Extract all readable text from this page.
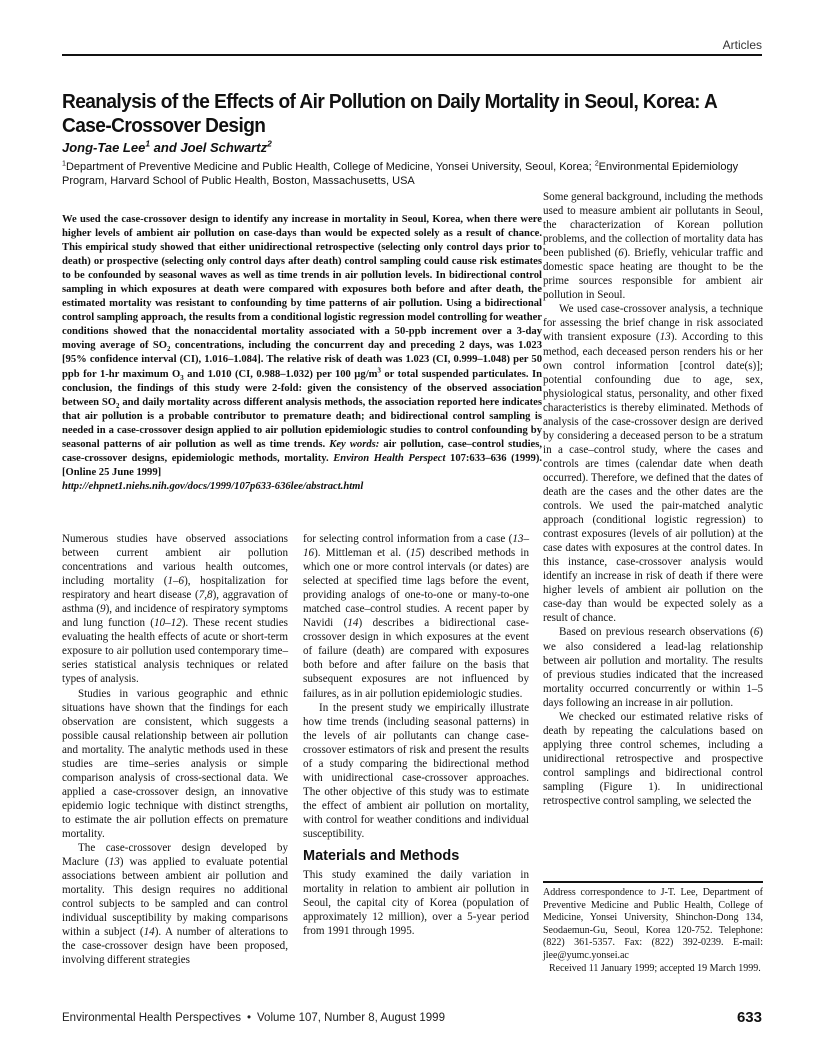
Articles
Reanalysis of the Effects of Air Pollution on Daily Mortality in Seoul, Korea: A Case-Crossover Design
Jong-Tae Lee$^1$ and Joel Schwartz$^2$
$^1$Department of Preventive Medicine and Public Health, College of Medicine, Yonsei University, Seoul, Korea; $^2$Environmental Epidemiology Program, Harvard School of Public Health, Boston, Massachusetts, USA
We used the case-crossover design to identify any increase in mortality in Seoul, Korea, when there were higher levels of ambient air pollution on case-days than would be expected solely as a result of chance. This empirical study showed that either unidirectional retrospective (selecting only control days prior to death) or prospective (selecting only control days after death) control sampling could cause risk estimates to be confounded by seasonal waves as well as time trends in air pollution levels. In bidirectional control sampling in which exposures at death were compared with exposures both before and after death, the estimated mortality was resistant to confounding by time patterns of air pollution. Using a bidirectional control sampling approach, the results from a conditional logistic regression model controlling for weather conditions showed that the nonaccidental mortality associated with a 50-ppb increment over a 3-day moving average of $SO_2$ concentrations, including the concurrent day and preceding 2 days, was 1.023 [95% confidence interval (CI), 1.016–1.084]. The relative risk of death was 1.023 (CI, 0.999–1.048) per 50 ppb for 1-hr maximum $O_3$ and 1.010 (CI, 0.988–1.032) per 100 $\mu g/m^3$ or total suspended particulates. In conclusion, the findings of this study were 2-fold: given the consistency of the observed association between $SO_2$ and daily mortality across different analysis methods, the association reported here indicates that air pollution is a probable contributor to premature death; and bidirectional control sampling is needed in a case-crossover design applied to air pollution epidemiologic studies to control confounding by seasonal patterns of air pollution as well as time trends. Key words: air pollution, case–control studies, case-crossover designs, epidemiologic methods, mortality. Environ Health Perspect 107:633–636 (1999). [Online 25 June 1999]
http://ehpnet1.niehs.nih.gov/docs/1999/107p633-636lee/abstract.html

Numerous studies have observed associations between current ambient air pollution concentrations and various health outcomes, including mortality (1–6), hospitalization for respiratory and heart disease (7,8), aggravation of asthma (9), and incidence of respiratory symptoms and lung function (10–12). These recent studies evaluating the health effects of acute or short-term exposure to air pollution used contemporary time–series statistical analysis techniques or related types of analysis.

Studies in various geographic and ethnic situations have shown that the findings for each observation are consistent, which suggests a possible causal relationship between air pollution and mortality. The analytic methods used in these studies are time–series analysis or simple comparison analysis of cross-sectional data. We applied a case-crossover design, an innovative epidemio logic technique with distinct strengths, to estimate the air pollution effects on premature mortality.

The case-crossover design developed by Maclure (13) was applied to evaluate potential associations between ambient air pollution and mortality. This design requires no additional control subjects to be sampled and can control individual susceptibility by making comparisons within a subject (14). A number of alterations to the case-crossover design have been proposed, involving different strategies

for selecting control information from a case (13–16). Mittleman et al. (15) described methods in which one or more control intervals (or dates) are selected at specified time lags before the event, providing analogs of one-to-one or many-to-one matched case–control studies. A recent paper by Navidi (14) describes a bidirectional case-crossover design in which exposures at the event of failure (death) are compared with exposures both before and after failure on the basis that subsequent exposures are not influenced by failures, as in air pollution epidemiologic studies.

In the present study we empirically illustrate how time trends (including seasonal patterns) in the levels of air pollutants can change case-crossover estimators of risk and present the results of a study comparing the bidirectional method with unidirectional case-crossover approaches. The other objective of this study was to estimate the effect of ambient air pollution on mortality, with control for weather conditions and individual susceptibility.

Materials and Methods

This study examined the daily variation in mortality in relation to ambient air pollution in Seoul, the capital city of Korea (population of approximately 12 million), over a 5-year period from 1991 through 1995.

Some general background, including the methods used to measure ambient air pollutants in Seoul, the characterization of Korean pollution problems, and the collection of mortality data has been published (6). Briefly, vehicular traffic and domestic space heating are thought to be the prime sources responsible for ambient air pollution in Seoul.

We used case-crossover analysis, a technique for assessing the brief change in risk associated with transient exposure (13). According to this method, each deceased person renders his or her own control information [control date(s)]; potential confounding due to age, sex, physiological status, personality, and other fixed characteristics is thereby eliminated. Methods of analysis of the case-crossover design are derived by considering a deceased person to be a stratum in a case–control study, where the cases and controls are times (calendar date when death occurred). Therefore, we defined that the dates of death are the cases and the other dates are the controls. We used the pair-matched analytic approach (conditional logistic regression) to contrast exposures (levels of air pollution) at the case dates with exposures at the control dates. In this instance, case-crossover analysis would identify an increase in risk of death if there were higher levels of ambient air pollution on the case-day than would be expected solely as a result of chance.

Based on previous research observations (6) we also considered a lead-lag relationship between air pollution and mortality. The results of previous studies indicated that the increased mortality occurred concurrently or within 1–5 days following an increase in air pollution.

We checked our estimated relative risks of death by repeating the calculations based on applying three control schemes, including a unidirectional retrospective and prospective control samplings and bidirectional control sampling (Figure 1). In unidirectional retrospective control sampling, we selected the

Address correspondence to J-T. Lee, Department of Preventive Medicine and Public Health, College of Medicine, Yonsei University, Shinchon-Dong 134, Seodaemun-Gu, Seoul, Korea 120-752. Telephone: (822) 361-5357. Fax: (822) 392-0239. E-mail: jlee@yumc.yonsei.ac

Received 11 January 1999; accepted 19 March 1999.

Environmental Health Perspectives • Volume 107, Number 8, August 1999	633
